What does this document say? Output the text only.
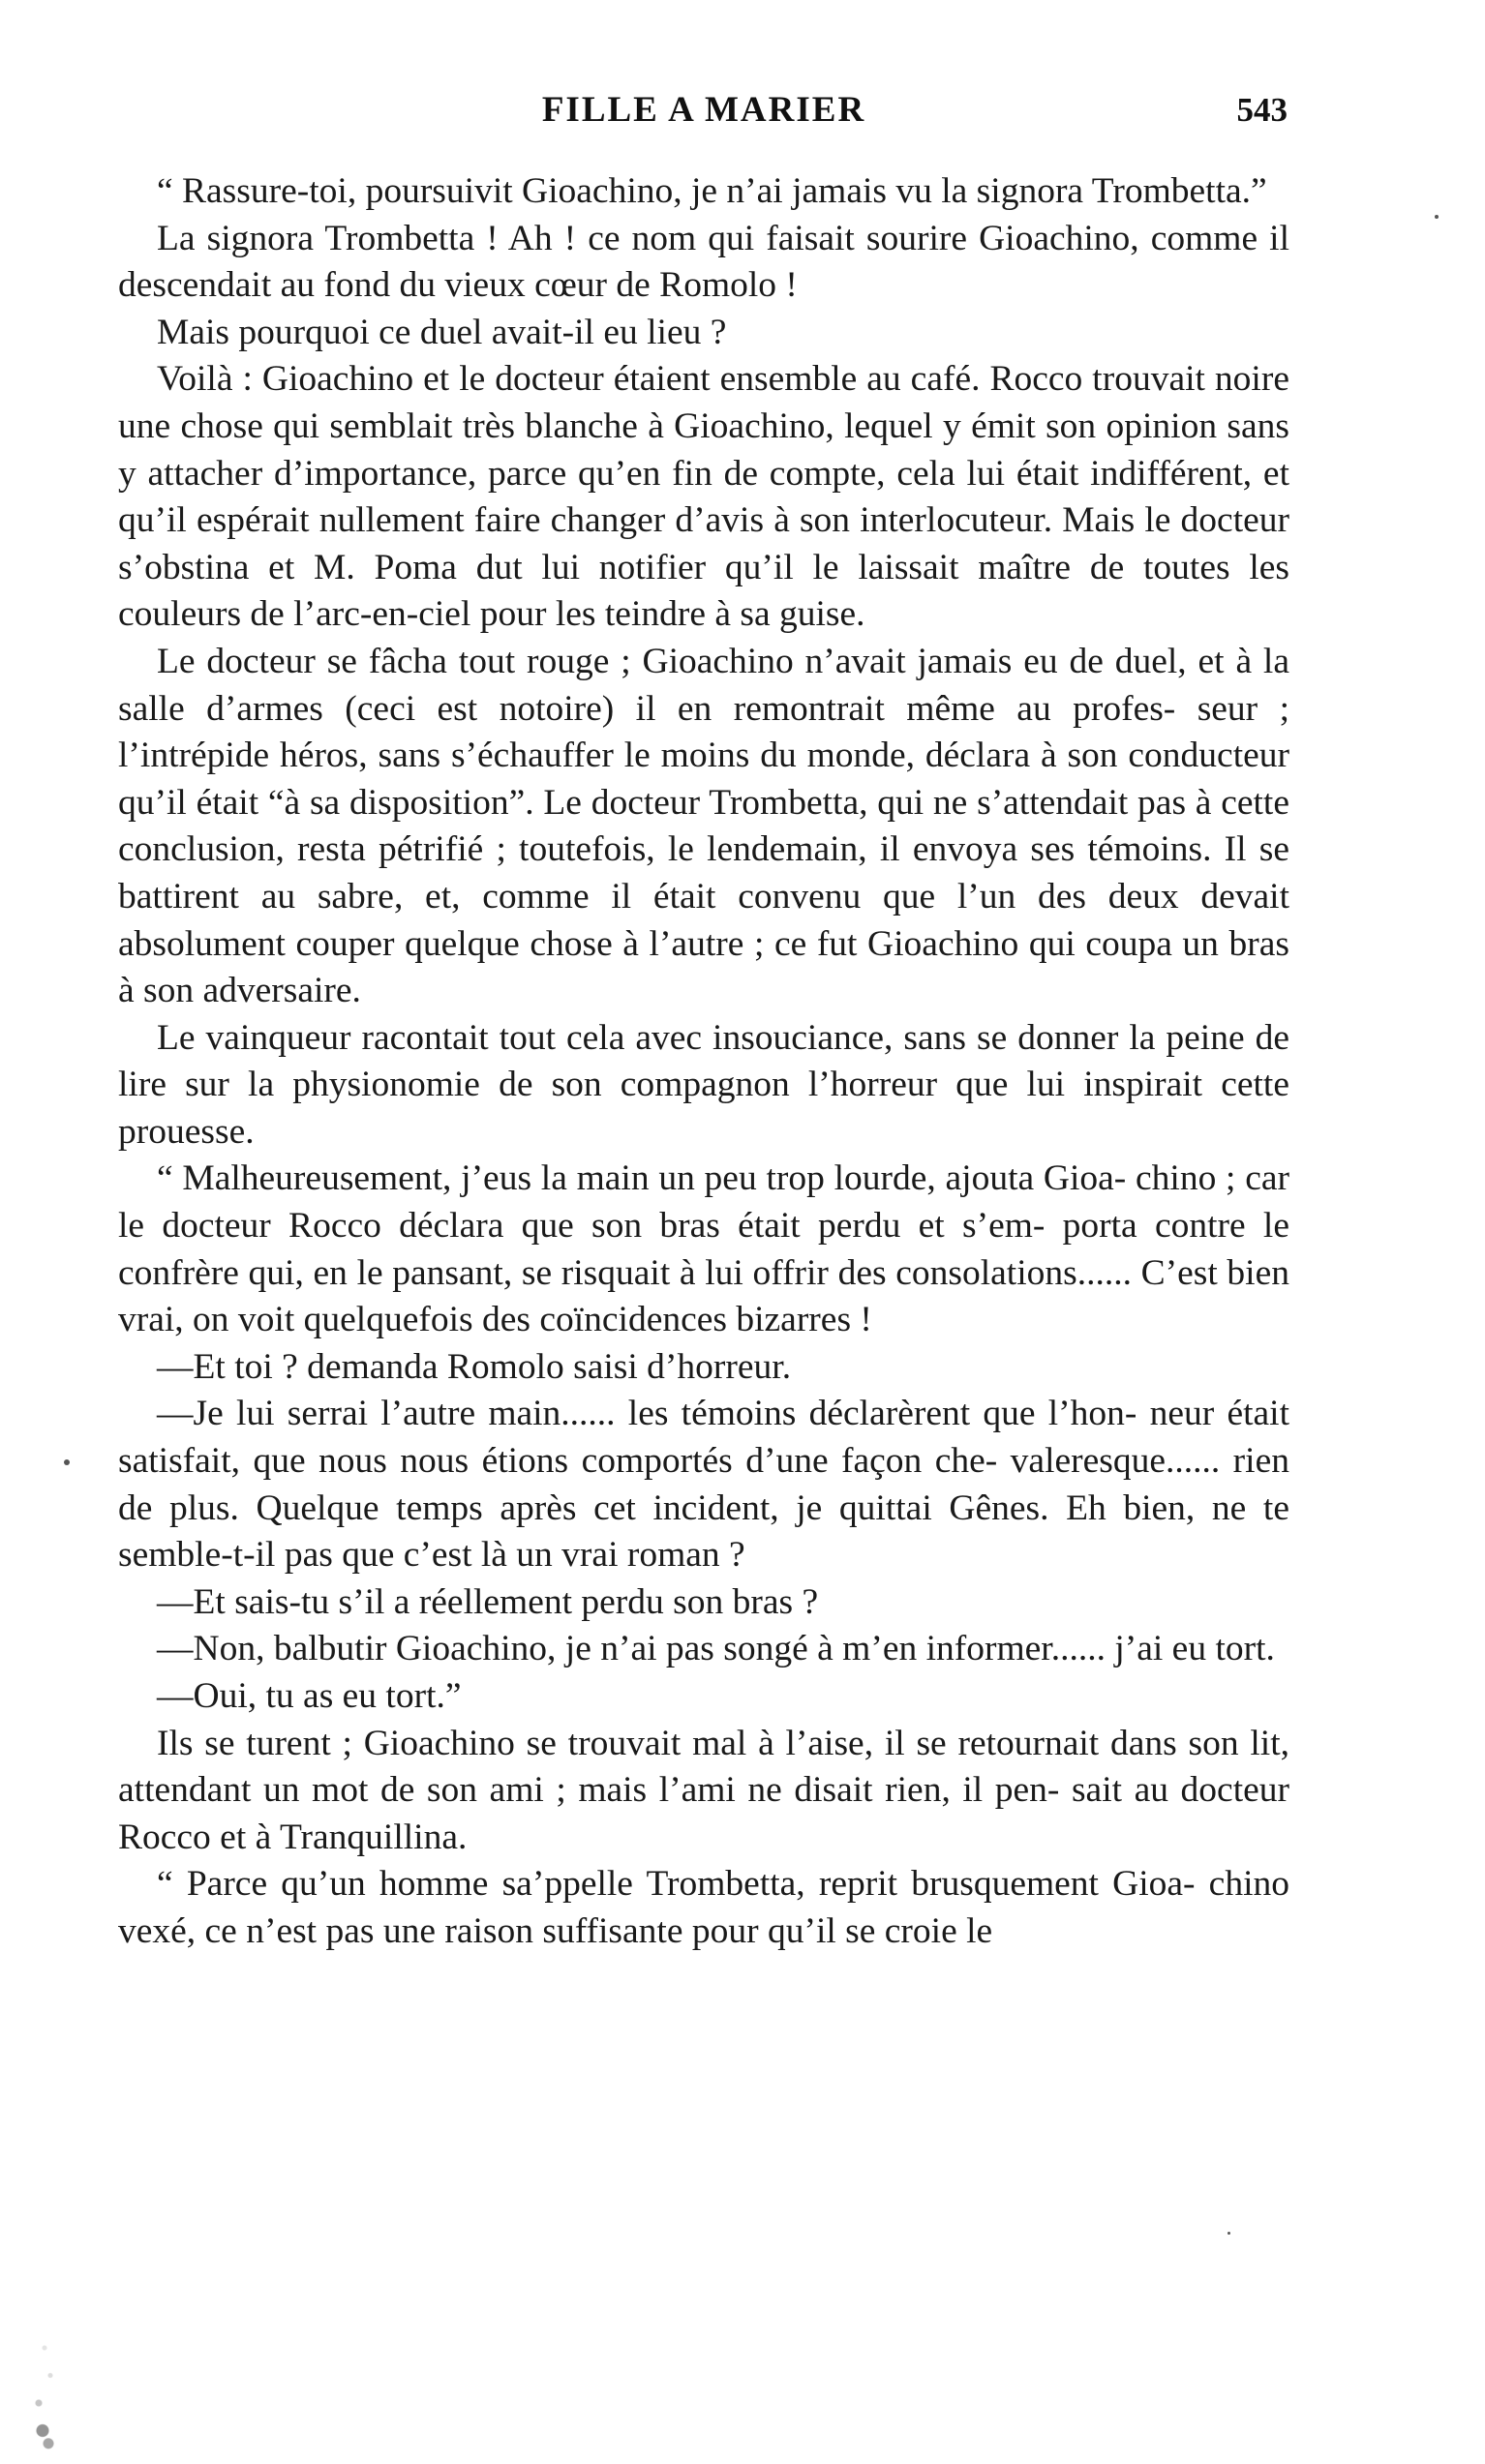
FILLE A MARIER	543

“ Rassure-toi, poursuivit Gioachino, je n’ai jamais vu la signora Trombetta.”

La signora Trombetta ! Ah ! ce nom qui faisait sourire Gioachino, comme il descendait au fond du vieux cœur de Romolo !

Mais pourquoi ce duel avait-il eu lieu ?

Voilà : Gioachino et le docteur étaient ensemble au café. Rocco trouvait noire une chose qui semblait très blanche à Gioachino, lequel y émit son opinion sans y attacher d’importance, parce qu’en fin de compte, cela lui était indifférent, et qu’il espérait nullement faire changer d’avis à son interlocuteur. Mais le docteur s’obstina et M. Poma dut lui notifier qu’il le laissait maître de toutes les couleurs de l’arc-en-ciel pour les teindre à sa guise.

Le docteur se fâcha tout rouge ; Gioachino n’avait jamais eu de duel, et à la salle d’armes (ceci est notoire) il en remontrait même au profes- seur ; l’intrépide héros, sans s’échauffer le moins du monde, déclara à son conducteur qu’il était “à sa disposition”. Le docteur Trombetta, qui ne s’attendait pas à cette conclusion, resta pétrifié ; toutefois, le lendemain, il envoya ses témoins. Il se battirent au sabre, et, comme il était convenu que l’un des deux devait absolument couper quelque chose à l’autre ; ce fut Gioachino qui coupa un bras à son adversaire.

Le vainqueur racontait tout cela avec insouciance, sans se donner la peine de lire sur la physionomie de son compagnon l’horreur que lui inspirait cette prouesse.

“ Malheureusement, j’eus la main un peu trop lourde, ajouta Gioa- chino ; car le docteur Rocco déclara que son bras était perdu et s’em- porta contre le confrère qui, en le pansant, se risquait à lui offrir des consolations...... C’est bien vrai, on voit quelquefois des coïncidences bizarres !

—Et toi ? demanda Romolo saisi d’horreur.

—Je lui serrai l’autre main...... les témoins déclarèrent que l’hon- neur était satisfait, que nous nous étions comportés d’une façon che- valeresque...... rien de plus. Quelque temps après cet incident, je quittai Gênes. Eh bien, ne te semble-t-il pas que c’est là un vrai roman ?

—Et sais-tu s’il a réellement perdu son bras ?

—Non, balbutir Gioachino, je n’ai pas songé à m’en informer...... j’ai eu tort.

—Oui, tu as eu tort.”

Ils se turent ; Gioachino se trouvait mal à l’aise, il se retournait dans son lit, attendant un mot de son ami ; mais l’ami ne disait rien, il pen- sait au docteur Rocco et à Tranquillina.

“ Parce qu’un homme sa’ppelle Trombetta, reprit brusquement Gioa- chino vexé, ce n’est pas une raison suffisante pour qu’il se croie le
